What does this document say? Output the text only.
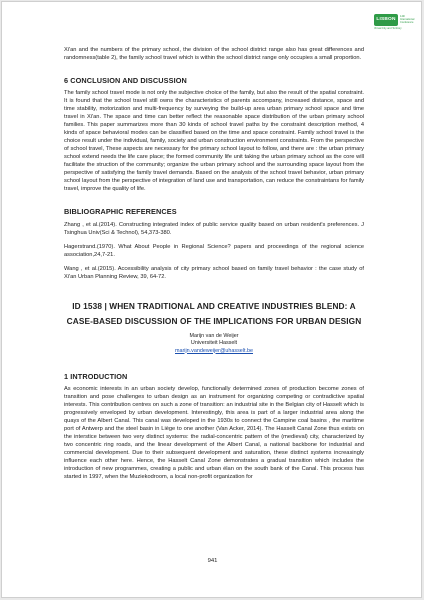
LISBON
14th International Conference
Virtual City and Territory

Xi'an and the numbers of the primary school, the division of the school district range also has great differences and randomness(table 2), the family school travel which is within the school district range only occupies a small proportion.

6 CONCLUSION AND DISCUSSION

The family school travel mode is not only the subjective choice of the family, but also the result of the spatial constraint. It is found that the school travel still owns the characteristics of parents accompany, increased distance, space and time stability, motorization and multi-frequency by surveying the build-up area urban primary school space and time travel in Xi'an. The space and time can better reflect the reasonable space distribution of the urban primary school families. This paper summarizes more than 30 kinds of school travel paths by the constraint description method, 4 kinds of space behavioral modes can be classified based on the time and space constraint. Family school travel is the choice result under the individual, family, society and urban construction environment constraints. From the perspective of school travel, These aspects are necessary for the primary school layout to follow, and there are : the urban primary school extend needs the life care place; the formed community life unit taking the urban primary school as the core will facilitate the struction of the community; organize the urban primary school and the surrounding space layout from the perspective of satisfying the family travel demands. Based on the analysis of the school travel behavior, urban primary school layout from the perspective of integration of land use and transportation, can reduce the constraintans for family travel, improve the quality of life.

BIBLIOGRAPHIC REFERENCES

Zhang , et al.(2014). Constructing integrated index of public service quality based on urban resident's preferences. J Tsinghua Univ(Sci & Technol), 54,373-380.

Hagerstrand.(1970). What About People in Regional Science? papers and proceedings of the regional science association,24,7-21.

Wang , et al.(2015). Accessibility analysis of city primary school based on family travel behavior : the case study of Xi'an Urban Planning Review, 39, 64-72.

ID 1538 | WHEN TRADITIONAL AND CREATIVE INDUSTRIES BLEND: A
CASE-BASED DISCUSSION OF THE IMPLICATIONS FOR URBAN DESIGN

Marijn van de Weijer

Universiteit Hasselt

marijn.vandeweijer@uhasselt.be

1 INTRODUCTION

As economic interests in an urban society develop, functionally determined zones of production become zones of transition and pose challenges to urban design as an instrument for organizing competing or contradictive spatial interests. This contribution centres on such a zone of transition: an industrial site in the Belgian city of Hasselt which is progressively enveloped by urban development. Interestingly, this area is part of a larger industrial area along the quays of the Albert Canal. This canal was developed in the 1930s to connect the Campine coal basins , the maritime port of Antwerp and the steel basin in Liège to one another (Van Acker, 2014). The Hasselt Canal Zone thus exists on the interstice between two very distinct systems: the radial-concentric pattern of the (medieval) city, characterized by two concentric ring roads, and the linear development of the Albert Canal, a national backbone for industrial and commercial development. Due to their subsequent development and saturation, these distinct systems increasingly influence each other here. Hence, the Hasselt Canal Zone demonstrates a gradual transition which includes the introduction of new programmes, creating a public and urban élan on the south bank of the Canal. This process has started in 1997, when the Muziekodroom, a local non-profit organization for

941
